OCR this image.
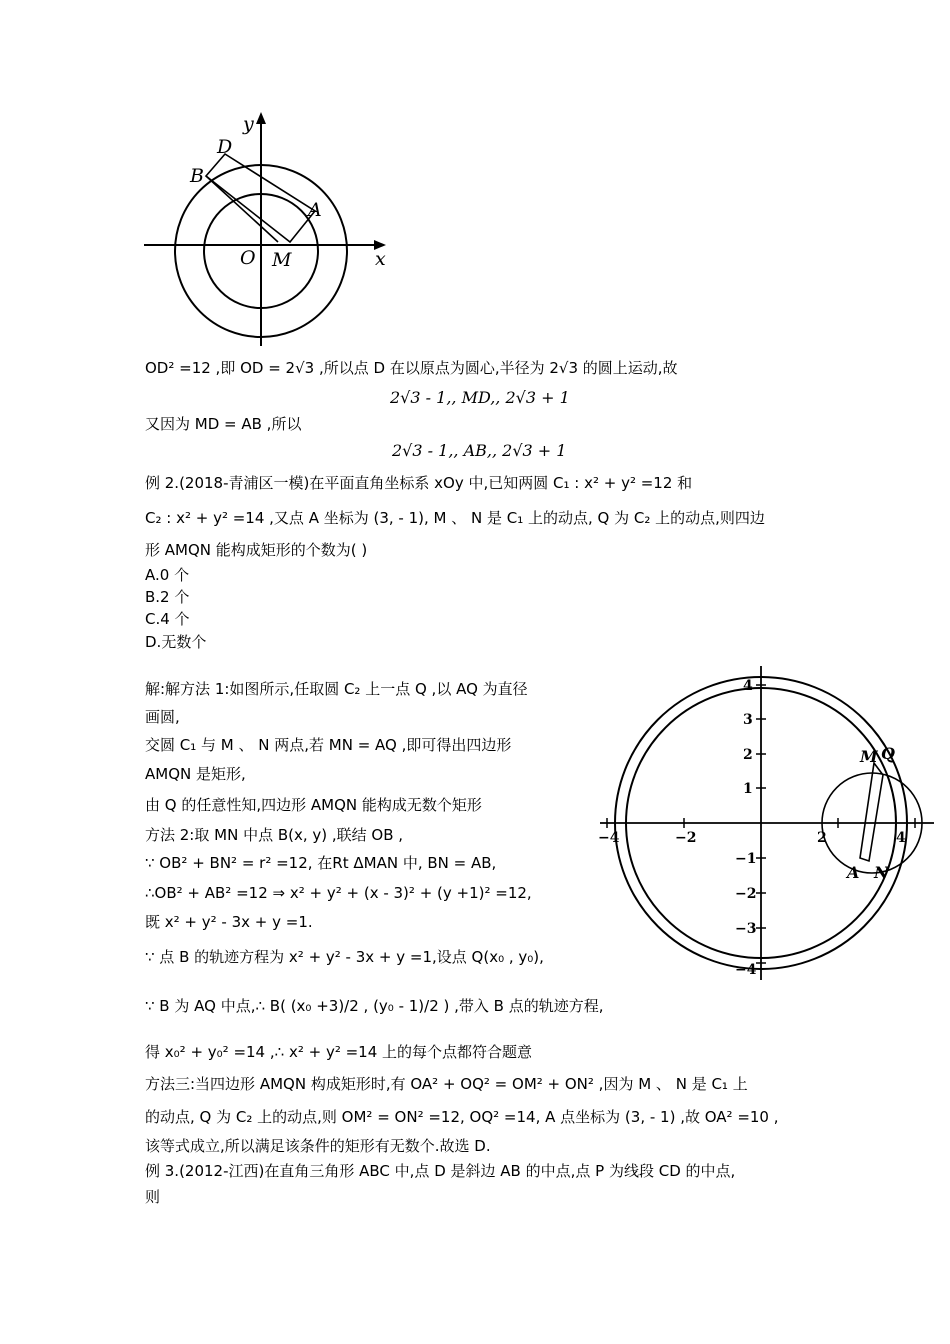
y
x
D
B
A
O M
OD² =12 ,即 OD = 2√3 ,所以点 D 在以原点为圆心,半径为 2√3 的圆上运动,故
2√3 - 1,, MD,, 2√3 + 1
又因为 MD = AB ,所以
2√3 - 1,, AB,, 2√3 + 1
例 2.(2018-青浦区一模)在平面直角坐标系 xOy 中,已知两圆 C₁ : x² + y² =12 和
C₂ : x² + y² =14 ,又点 A 坐标为 (3, - 1), M 、 N 是 C₁ 上的动点, Q 为 C₂ 上的动点,则四边
形 AMQN 能构成矩形的个数为( )
A.0 个
B.2 个
C.4 个
D.无数个
解:解方法 1:如图所示,任取圆 C₂ 上一点 Q ,以 AQ 为直径
画圆,
交圆 C₁ 与 M 、 N 两点,若 MN = AQ ,即可得出四边形
AMQN 是矩形,
由 Q 的任意性知,四边形 AMQN 能构成无数个矩形
方法 2:取 MN 中点 B(x, y) ,联结 OB ,
∵ OB² + BN² = r² =12, 在Rt ΔMAN 中, BN = AB,
∴OB² + AB² =12 ⇒ x² + y² + (x - 3)² + (y +1)² =12,
既 x² + y² - 3x + y =1.
∵ 点 B 的轨迹方程为 x² + y² - 3x + y =1,设点 Q(x₀ , y₀),
∵ B 为 AQ 中点,∴ B( (x₀ +3)/2 , (y₀ - 1)/2 ) ,带入 B 点的轨迹方程,
得 x₀² + y₀² =14 ,∴ x² + y² =14 上的每个点都符合题意
方法三:当四边形 AMQN 构成矩形时,有 OA² + OQ² = OM² + ON² ,因为 M 、 N 是 C₁ 上
的动点, Q 为 C₂ 上的动点,则 OM² = ON² =12, OQ² =14, A 点坐标为 (3, - 1) ,故 OA² =10 ,
该等式成立,所以满足该条件的矩形有无数个.故选 D.
例 3.(2012-江西)在直角三角形 ABC 中,点 D 是斜边 AB 的中点,点 P 为线段 CD 的中点,
则
−4	−2	2	4
4
3
2
1
−1
−2
−3
−4
M Q
A N
